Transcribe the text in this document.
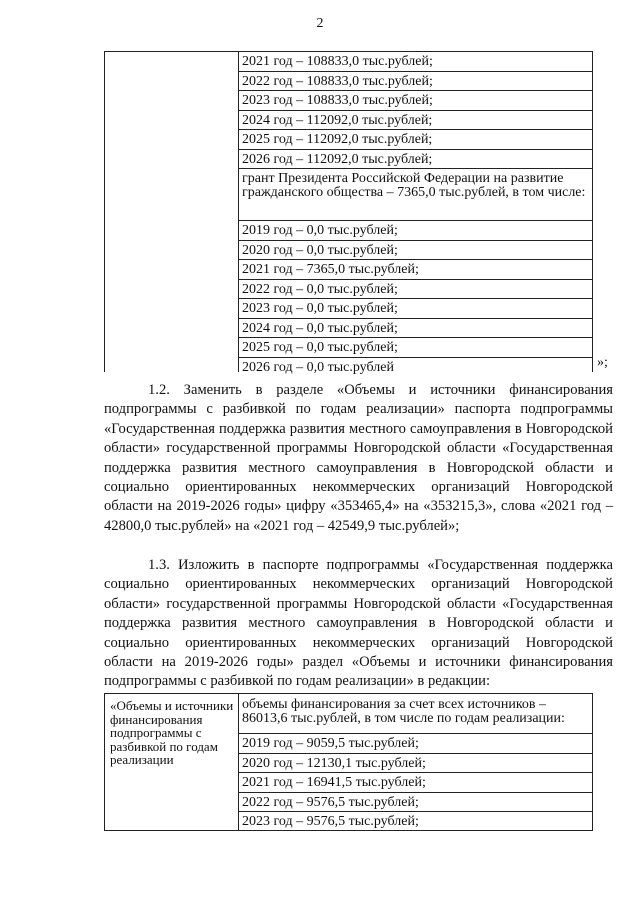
2
2021 год – 108833,0 тыс.рублей;
2022 год – 108833,0 тыс.рублей;
2023 год – 108833,0 тыс.рублей;
2024 год – 112092,0 тыс.рублей;
2025 год – 112092,0 тыс.рублей;
2026 год – 112092,0 тыс.рублей;
грант Президента Российской Федерации на развитие гражданского общества – 7365,0 тыс.рублей, в том числе:
2019 год – 0,0 тыс.рублей;
2020 год – 0,0 тыс.рублей;
2021 год – 7365,0 тыс.рублей;
2022 год – 0,0 тыс.рублей;
2023 год – 0,0 тыс.рублей;
2024 год – 0,0 тыс.рублей;
2025 год – 0,0 тыс.рублей;
2026 год – 0,0 тыс.рублей	»;
1.2. Заменить в разделе «Объемы и источники финансирования подпрограммы с разбивкой по годам реализации» паспорта подпрограммы «Государственная поддержка развития местного самоуправления в Новгородской области» государственной программы Новгородской области «Государственная поддержка развития местного самоуправления в Новгородской области и социально ориентированных некоммерческих организаций Новгородской области на 2019-2026 годы» цифру «353465,4» на «353215,3», слова «2021 год – 42800,0 тыс.рублей» на «2021 год – 42549,9 тыс.рублей»;
1.3. Изложить в паспорте подпрограммы «Государственная поддержка социально ориентированных некоммерческих организаций Новгородской области» государственной программы Новгородской области «Государственная поддержка развития местного самоуправления в Новгородской области и социально ориентированных некоммерческих организаций Новгородской области на 2019-2026 годы» раздел «Объемы и источники финансирования подпрограммы с разбивкой по годам реализации» в редакции:
«Объемы и источники финансирования подпрограммы с разбивкой по годам реализации
объемы финансирования за счет всех источников – 86013,6 тыс.рублей, в том числе по годам реализации:
2019 год – 9059,5 тыс.рублей;
2020 год – 12130,1 тыс.рублей;
2021 год – 16941,5 тыс.рублей;
2022 год – 9576,5 тыс.рублей;
2023 год – 9576,5 тыс.рублей;
